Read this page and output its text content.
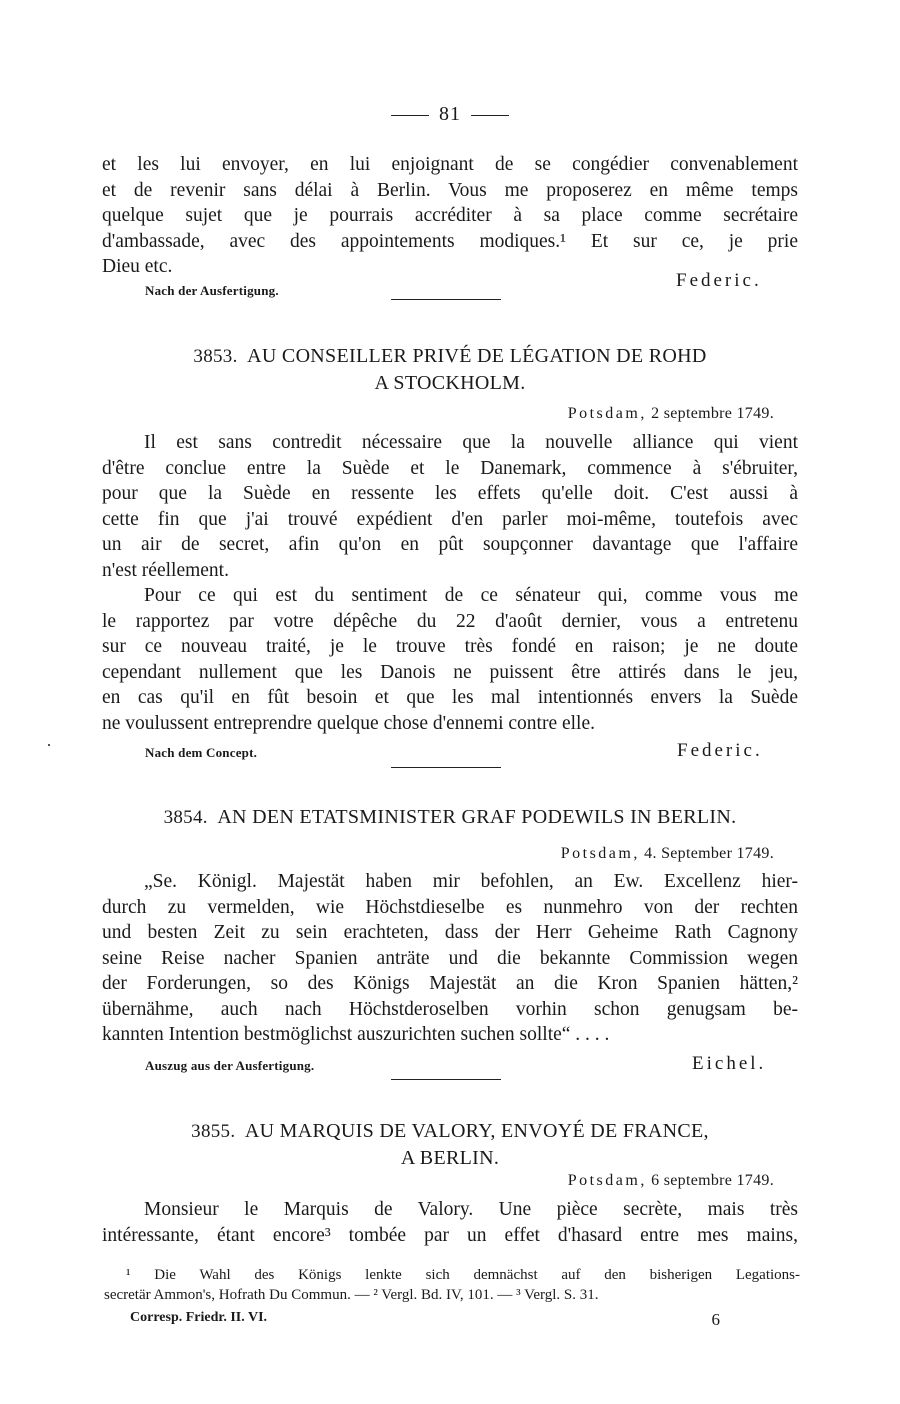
81
et les lui envoyer, en lui enjoignant de se congédier convenablement
et de revenir sans délai à Berlin. Vous me proposerez en même temps
quelque sujet que je pourrais accréditer à sa place comme secrétaire
d'ambassade, avec des appointements modiques.¹ Et sur ce, je prie
Dieu etc.
Nach der Ausfertigung.	Federic.
3853. AU CONSEILLER PRIVÉ DE LÉGATION DE ROHD
A STOCKHOLM.
Potsdam, 2 septembre 1749.
Il est sans contredit nécessaire que la nouvelle alliance qui vient
d'être conclue entre la Suède et le Danemark, commence à s'ébruiter,
pour que la Suède en ressente les effets qu'elle doit. C'est aussi à
cette fin que j'ai trouvé expédient d'en parler moi-même, toutefois avec
un air de secret, afin qu'on en pût soupçonner davantage que l'affaire
n'est réellement.
Pour ce qui est du sentiment de ce sénateur qui, comme vous me
le rapportez par votre dépêche du 22 d'août dernier, vous a entretenu
sur ce nouveau traité, je le trouve très fondé en raison; je ne doute
cependant nullement que les Danois ne puissent être attirés dans le jeu,
en cas qu'il en fût besoin et que les mal intentionnés envers la Suède
ne voulussent entreprendre quelque chose d'ennemi contre elle.
Nach dem Concept.	Federic.
3854. AN DEN ETATSMINISTER GRAF PODEWILS IN BERLIN.
Potsdam, 4. September 1749.
„Se. Königl. Majestät haben mir befohlen, an Ew. Excellenz hier-
durch zu vermelden, wie Höchstdieselbe es nunmehro von der rechten
und besten Zeit zu sein erachteten, dass der Herr Geheime Rath Cagnony
seine Reise nacher Spanien anträte und die bekannte Commission wegen
der Forderungen, so des Königs Majestät an die Kron Spanien hätten,²
übernähme, auch nach Höchstderoselben vorhin schon genugsam be-
kannten Intention bestmöglichst auszurichten suchen sollte“ . . . .
Auszug aus der Ausfertigung.	Eichel.
3855. AU MARQUIS DE VALORY, ENVOYÉ DE FRANCE,
A BERLIN.
Potsdam, 6 septembre 1749.
Monsieur le Marquis de Valory. Une pièce secrète, mais très
intéressante, étant encore³ tombée par un effet d'hasard entre mes mains,
¹ Die Wahl des Königs lenkte sich demnächst auf den bisherigen Legations-
secretär Ammon's, Hofrath Du Commun. — ² Vergl. Bd. IV, 101. — ³ Vergl. S. 31.
Corresp. Friedr. II. VI.	6
